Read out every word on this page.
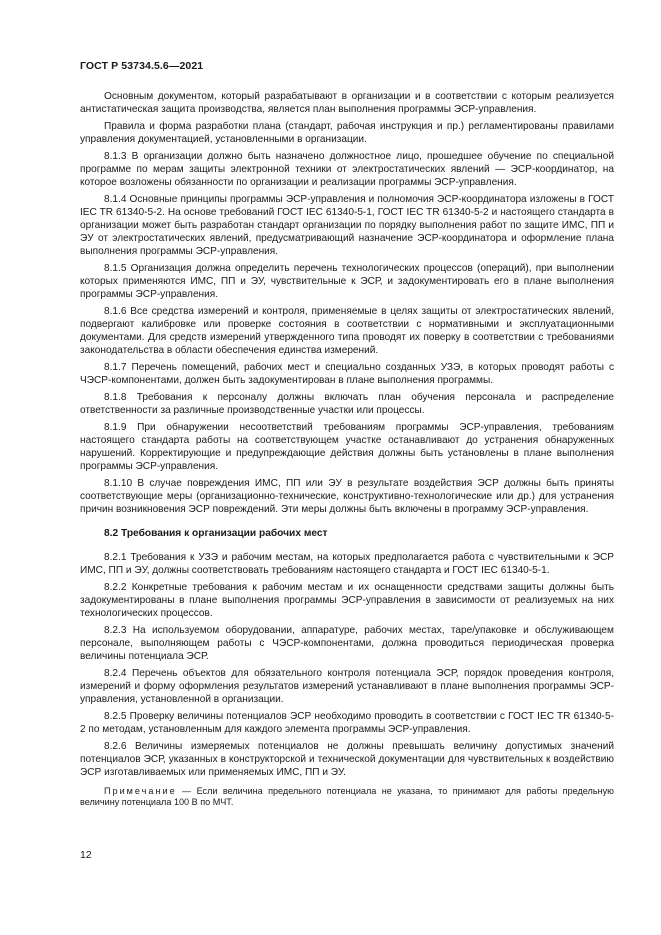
ГОСТ Р 53734.5.6—2021

Основным документом, который разрабатывают в организации и в соответствии с которым реализуется антистатическая защита производства, является план выполнения программы ЭСР-управления.

Правила и форма разработки плана (стандарт, рабочая инструкция и пр.) регламентированы правилами управления документацией, установленными в организации.

8.1.3 В организации должно быть назначено должностное лицо, прошедшее обучение по специальной программе по мерам защиты электронной техники от электростатических явлений — ЭСР-координатор, на которое возложены обязанности по организации и реализации программы ЭСР-управления.

8.1.4 Основные принципы программы ЭСР-управления и полномочия ЭСР-координатора изложены в ГОСТ IEC TR 61340-5-2. На основе требований ГОСТ IEC 61340-5-1, ГОСТ IEC TR 61340-5-2 и настоящего стандарта в организации может быть разработан стандарт организации по порядку выполнения работ по защите ИМС, ПП и ЭУ от электростатических явлений, предусматривающий назначение ЭСР-координатора и оформление плана выполнения программы ЭСР-управления.

8.1.5 Организация должна определить перечень технологических процессов (операций), при выполнении которых применяются ИМС, ПП и ЭУ, чувствительные к ЭСР, и задокументировать его в плане выполнения программы ЭСР-управления.

8.1.6 Все средства измерений и контроля, применяемые в целях защиты от электростатических явлений, подвергают калибровке или проверке состояния в соответствии с нормативными и эксплуатационными документами. Для средств измерений утвержденного типа проводят их поверку в соответствии с требованиями законодательства в области обеспечения единства измерений.

8.1.7 Перечень помещений, рабочих мест и специально созданных УЗЭ, в которых проводят работы с ЧЭСР-компонентами, должен быть задокументирован в плане выполнения программы.

8.1.8 Требования к персоналу должны включать план обучения персонала и распределение ответственности за различные производственные участки или процессы.

8.1.9 При обнаружении несоответствий требованиям программы ЭСР-управления, требованиям настоящего стандарта работы на соответствующем участке останавливают до устранения обнаруженных нарушений. Корректирующие и предупреждающие действия должны быть установлены в плане выполнения программы ЭСР-управления.

8.1.10 В случае повреждения ИМС, ПП или ЭУ в результате воздействия ЭСР должны быть приняты соответствующие меры (организационно-технические, конструктивно-технологические или др.) для устранения причин возникновения ЭСР повреждений. Эти меры должны быть включены в программу ЭСР-управления.

8.2 Требования к организации рабочих мест

8.2.1 Требования к УЗЭ и рабочим местам, на которых предполагается работа с чувствительными к ЭСР ИМС, ПП и ЭУ, должны соответствовать требованиям настоящего стандарта и ГОСТ IEC 61340-5-1.

8.2.2 Конкретные требования к рабочим местам и их оснащенности средствами защиты должны быть задокументированы в плане выполнения программы ЭСР-управления в зависимости от реализуемых на них технологических процессов.

8.2.3 На используемом оборудовании, аппаратуре, рабочих местах, таре/упаковке и обслуживающем персонале, выполняющем работы с ЧЭСР-компонентами, должна проводиться периодическая проверка величины потенциала ЭСР.

8.2.4 Перечень объектов для обязательного контроля потенциала ЭСР, порядок проведения контроля, измерений и форму оформления результатов измерений устанавливают в плане выполнения программы ЭСР-управления, установленной в организации.

8.2.5 Проверку величины потенциалов ЭСР необходимо проводить в соответствии с ГОСТ IEC TR 61340-5-2 по методам, установленным для каждого элемента программы ЭСР-управления.

8.2.6 Величины измеряемых потенциалов не должны превышать величину допустимых значений потенциалов ЭСР, указанных в конструкторской и технической документации для чувствительных к воздействию ЭСР изготавливаемых или применяемых ИМС, ПП и ЭУ.

Примечание — Если величина предельного потенциала не указана, то принимают для работы предельную величину потенциала 100 В по МЧТ.

12
